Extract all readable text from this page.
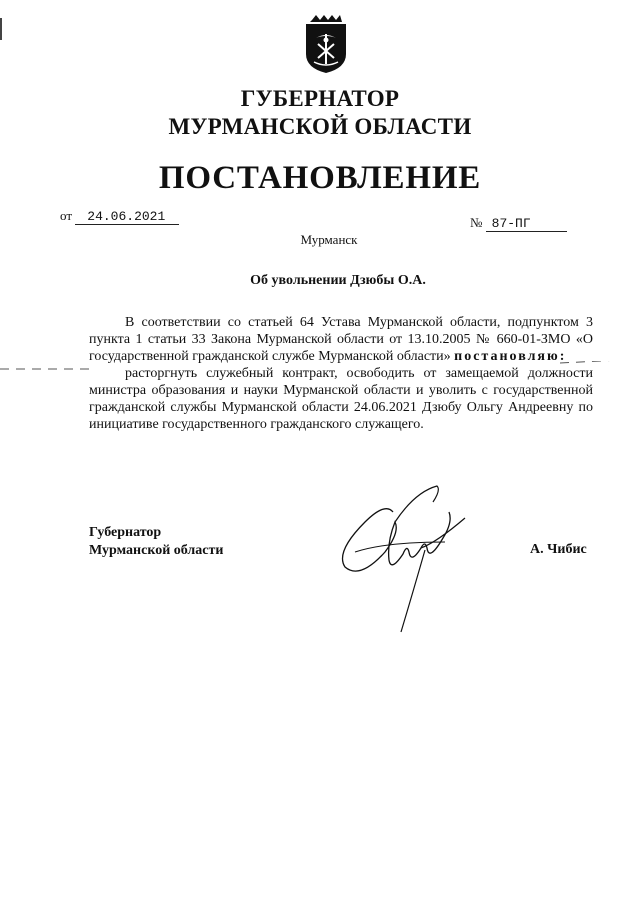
ГУБЕРНАТОР
МУРМАНСКОЙ ОБЛАСТИ
ПОСТАНОВЛЕНИЕ
от 24.06.2021	№ 87-ПГ
Мурманск
Об увольнении Дзюбы О.А.

В соответствии со статьей 64 Устава Мурманской области, подпунктом 3 пункта 1 статьи 33 Закона Мурманской области от 13.10.2005 № 660-01-ЗМО «О государственной гражданской службе Мурманской области» постановляю:

расторгнуть служебный контракт, освободить от замещаемой должности министра образования и науки Мурманской области и уволить с государственной гражданской службы Мурманской области 24.06.2021 Дзюбу Ольгу Андреевну по инициативе государственного гражданского служащего.

Губернатор
Мурманской области	А. Чибис
